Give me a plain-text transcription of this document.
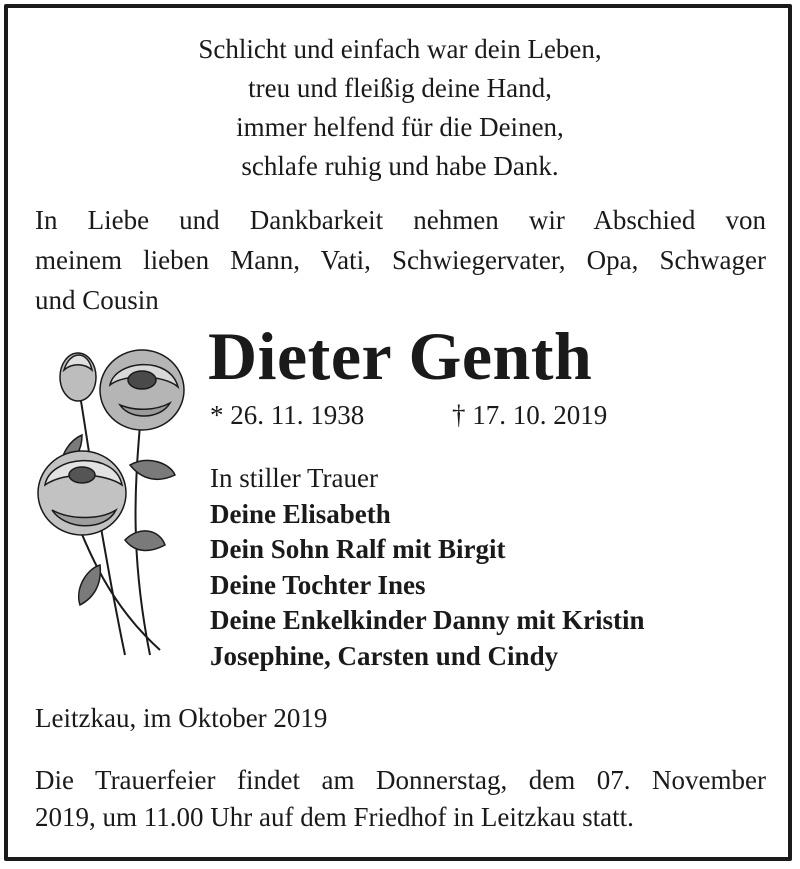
Schlicht und einfach war dein Leben,
treu und fleißig deine Hand,
immer helfend für die Deinen,
schlafe ruhig und habe Dank.
In Liebe und Dankbarkeit nehmen wir Abschied von
meinem lieben Mann, Vati, Schwiegervater, Opa, Schwager
und Cousin
Dieter Genth
* 26. 11. 1938	† 17. 10. 2019
In stiller Trauer
Deine Elisabeth
Dein Sohn Ralf mit Birgit
Deine Tochter Ines
Deine Enkelkinder Danny mit Kristin
Josephine, Carsten und Cindy
Leitzkau, im Oktober 2019
Die Trauerfeier findet am Donnerstag, dem 07. November
2019, um 11.00 Uhr auf dem Friedhof in Leitzkau statt.
